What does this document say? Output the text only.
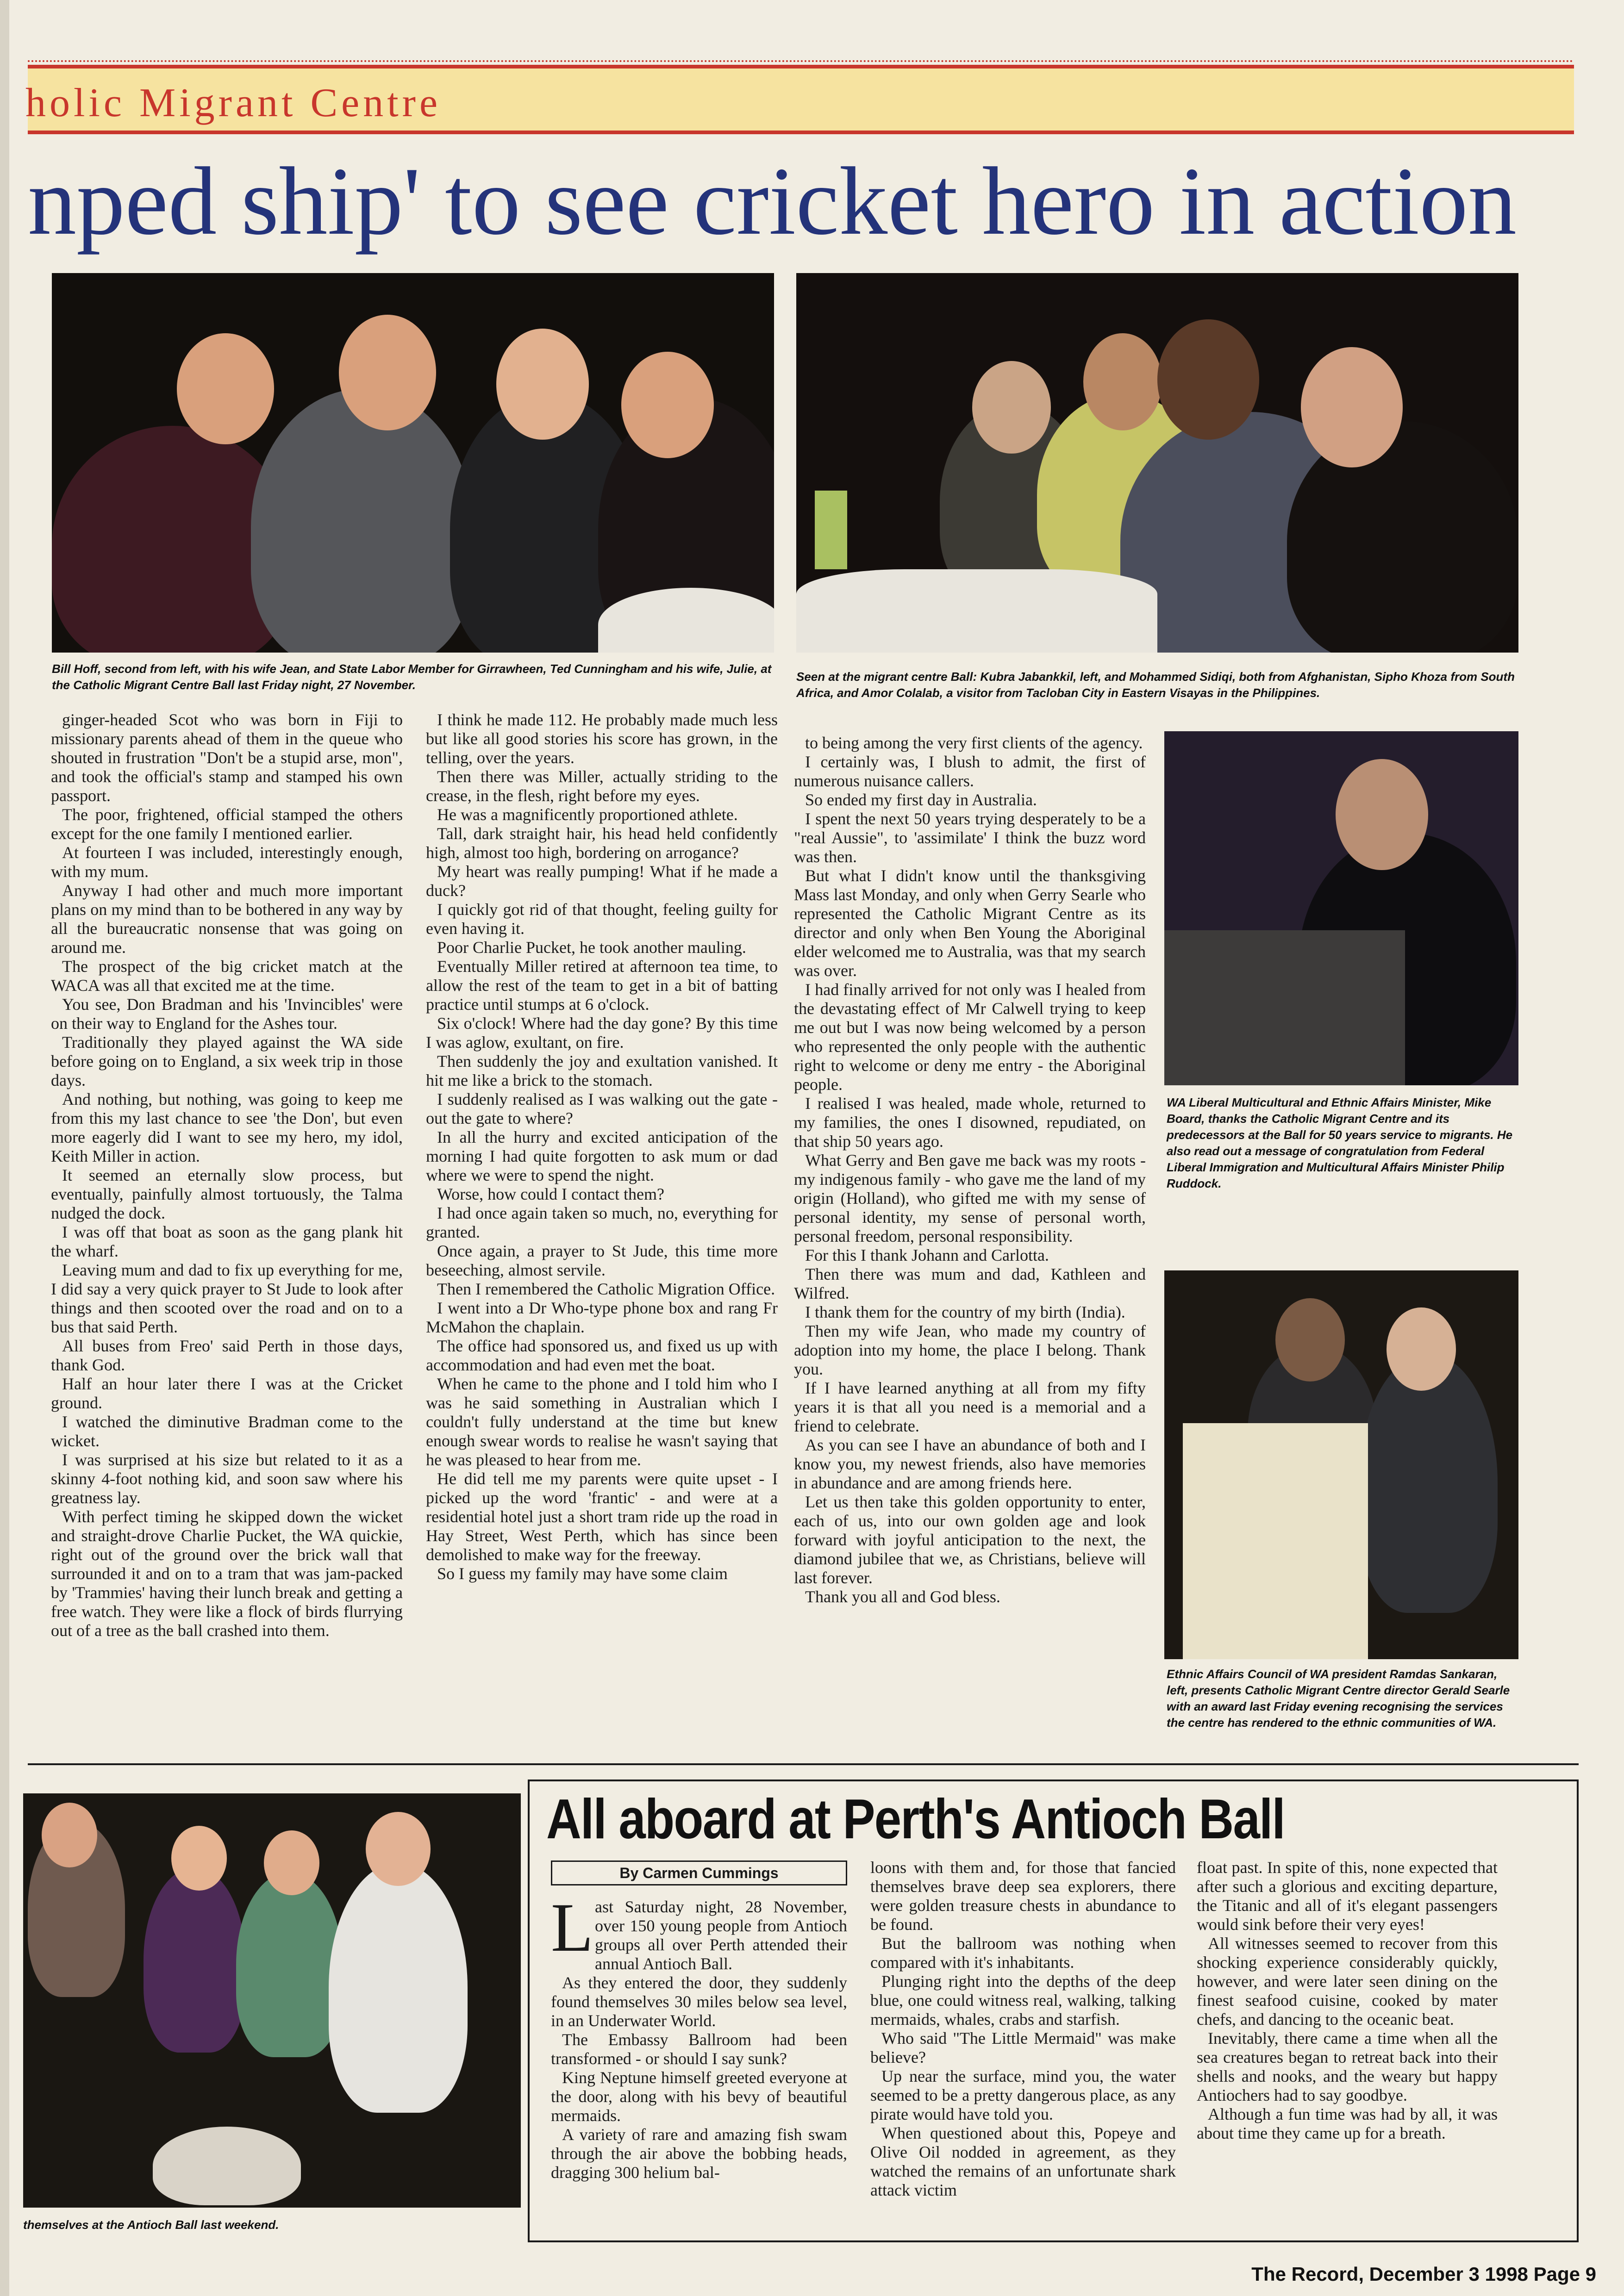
holic Migrant Centre
nped ship' to see cricket hero in action
Bill Hoff, second from left, with his wife Jean, and State Labor Member for Girrawheen, Ted Cunningham and his wife, Julie, at the Catholic Migrant Centre Ball last Friday night, 27 November.
Seen at the migrant centre Ball: Kubra Jabankkil, left, and Mohammed Sidiqi, both from Afghanistan, Sipho Khoza from South Africa, and Amor Colalab, a visitor from Tacloban City in Eastern Visayas in the Philippines.

ginger-headed Scot who was born in Fiji to missionary parents ahead of them in the queue who shouted in frustration "Don't be a stupid arse, mon", and took the official's stamp and stamped his own passport.

The poor, frightened, official stamped the others except for the one family I mentioned earlier.

At fourteen I was included, interestingly enough, with my mum.

Anyway I had other and much more important plans on my mind than to be bothered in any way by all the bureaucratic nonsense that was going on around me.

The prospect of the big cricket match at the WACA was all that excited me at the time.

You see, Don Bradman and his 'Invincibles' were on their way to England for the Ashes tour.

Traditionally they played against the WA side before going on to England, a six week trip in those days.

And nothing, but nothing, was going to keep me from this my last chance to see 'the Don', but even more eagerly did I want to see my hero, my idol, Keith Miller in action.

It seemed an eternally slow process, but eventually, painfully almost tortuously, the Talma nudged the dock.

I was off that boat as soon as the gang plank hit the wharf.

Leaving mum and dad to fix up everything for me, I did say a very quick prayer to St Jude to look after things and then scooted over the road and on to a bus that said Perth.

All buses from Freo' said Perth in those days, thank God.

Half an hour later there I was at the Cricket ground.

I watched the diminutive Bradman come to the wicket.

I was surprised at his size but related to it as a skinny 4-foot nothing kid, and soon saw where his greatness lay.

With perfect timing he skipped down the wicket and straight-drove Charlie Pucket, the WA quickie, right out of the ground over the brick wall that surrounded it and on to a tram that was jam-packed by 'Trammies' having their lunch break and getting a free watch. They were like a flock of birds flurrying out of a tree as the ball crashed into them.

I think he made 112. He probably made much less but like all good stories his score has grown, in the telling, over the years.

Then there was Miller, actually striding to the crease, in the flesh, right before my eyes.

He was a magnificently proportioned athlete.

Tall, dark straight hair, his head held confidently high, almost too high, bordering on arrogance?

My heart was really pumping! What if he made a duck?

I quickly got rid of that thought, feeling guilty for even having it.

Poor Charlie Pucket, he took another mauling.

Eventually Miller retired at afternoon tea time, to allow the rest of the team to get in a bit of batting practice until stumps at 6 o'clock.

Six o'clock! Where had the day gone? By this time I was aglow, exultant, on fire.

Then suddenly the joy and exultation vanished. It hit me like a brick to the stomach.

I suddenly realised as I was walking out the gate - out the gate to where?

In all the hurry and excited anticipation of the morning I had quite forgotten to ask mum or dad where we were to spend the night.

Worse, how could I contact them?

I had once again taken so much, no, everything for granted.

Once again, a prayer to St Jude, this time more beseeching, almost servile.

Then I remembered the Catholic Migration Office.

I went into a Dr Who-type phone box and rang Fr McMahon the chaplain.

The office had sponsored us, and fixed us up with accommodation and had even met the boat.

When he came to the phone and I told him who I was he said something in Australian which I couldn't fully understand at the time but knew enough swear words to realise he wasn't saying that he was pleased to hear from me.

He did tell me my parents were quite upset - I picked up the word 'frantic' - and were at a residential hotel just a short tram ride up the road in Hay Street, West Perth, which has since been demolished to make way for the freeway.

So I guess my family may have some claim

to being among the very first clients of the agency.

I certainly was, I blush to admit, the first of numerous nuisance callers.

So ended my first day in Australia.

I spent the next 50 years trying desperately to be a "real Aussie", to 'assimilate' I think the buzz word was then.

But what I didn't know until the thanksgiving Mass last Monday, and only when Gerry Searle who represented the Catholic Migrant Centre as its director and only when Ben Young the Aboriginal elder welcomed me to Australia, was that my search was over.

I had finally arrived for not only was I healed from the devastating effect of Mr Calwell trying to keep me out but I was now being welcomed by a person who represented the only people with the authentic right to welcome or deny me entry - the Aboriginal people.

I realised I was healed, made whole, returned to my families, the ones I disowned, repudiated, on that ship 50 years ago.

What Gerry and Ben gave me back was my roots - my indigenous family - who gave me the land of my origin (Holland), who gifted me with my sense of personal identity, my sense of personal worth, personal freedom, personal responsibility.

For this I thank Johann and Carlotta.

Then there was mum and dad, Kathleen and Wilfred.

I thank them for the country of my birth (India).

Then my wife Jean, who made my country of adoption into my home, the place I belong. Thank you.

If I have learned anything at all from my fifty years it is that all you need is a memorial and a friend to celebrate.

As you can see I have an abundance of both and I know you, my newest friends, also have memories in abundance and are among friends here.

Let us then take this golden opportunity to enter, each of us, into our own golden age and look forward with joyful anticipation to the next, the diamond jubilee that we, as Christians, believe will last forever.

Thank you all and God bless.

WA Liberal Multicultural and Ethnic Affairs Minister, Mike Board, thanks the Catholic Migrant Centre and its predecessors at the Ball for 50 years service to migrants. He also read out a message of congratulation from Federal Liberal Immigration and Multicultural Affairs Minister Philip Ruddock.
Ethnic Affairs Council of WA president Ramdas Sankaran, left, presents Catholic Migrant Centre director Gerald Searle with an award last Friday evening recognising the services the centre has rendered to the ethnic communities of WA.
themselves at the Antioch Ball last weekend.
All aboard at Perth's Antioch Ball
By Carmen Cummings
L ast Saturday night, 28 November, over 150 young people from Antioch groups all over Perth attended their annual Antioch Ball.

As they entered the door, they suddenly found themselves 30 miles below sea level, in an Underwater World.

The Embassy Ballroom had been transformed - or should I say sunk?

King Neptune himself greeted everyone at the door, along with his bevy of beautiful mermaids.

A variety of rare and amazing fish swam through the air above the bobbing heads, dragging 300 helium bal-

loons with them and, for those that fancied themselves brave deep sea explorers, there were golden treasure chests in abundance to be found.

But the ballroom was nothing when compared with it's inhabitants.

Plunging right into the depths of the deep blue, one could witness real, walking, talking mermaids, whales, crabs and starfish.

Who said "The Little Mermaid" was make believe?

Up near the surface, mind you, the water seemed to be a pretty dangerous place, as any pirate would have told you.

When questioned about this, Popeye and Olive Oil nodded in agreement, as they watched the remains of an unfortunate shark attack victim

float past. In spite of this, none expected that after such a glorious and exciting departure, the Titanic and all of it's elegant passengers would sink before their very eyes!

All witnesses seemed to recover from this shocking experience considerably quickly, however, and were later seen dining on the finest seafood cuisine, cooked by mater chefs, and dancing to the oceanic beat.

Inevitably, there came a time when all the sea creatures began to retreat back into their shells and nooks, and the weary but happy Antiochers had to say goodbye.

Although a fun time was had by all, it was about time they came up for a breath.

The Record, December 3 1998 Page 9
